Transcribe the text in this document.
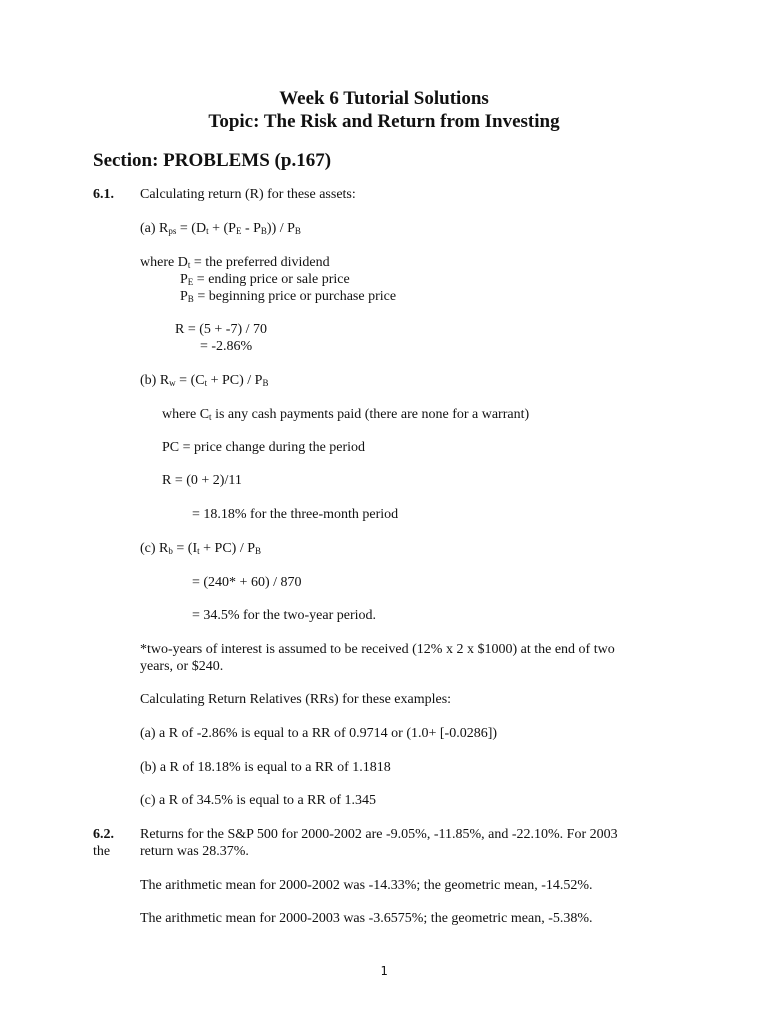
Week 6 Tutorial Solutions
Topic: The Risk and Return from Investing
Section: PROBLEMS (p.167)
6.1. Calculating return (R) for these assets:
(a) $R_{ps} = (D_t + (P_E - P_B)) / P_B$
where $D_t$ = the preferred dividend
$P_E$ = ending price or sale price
$P_B$ = beginning price or purchase price
R = (5 + -7) / 70
= -2.86%
(b) $R_w = (C_t + PC) / P_B$
where $C_t$ is any cash payments paid (there are none for a warrant)
PC = price change during the period
R = (0 + 2)/11
= 18.18% for the three-month period
(c) $R_b = (I_t + PC) / P_B$
= (240* + 60) / 870
= 34.5% for the two-year period.
*two-years of interest is assumed to be received (12% x 2 x $1000) at the end of two
years, or $240.
Calculating Return Relatives (RRs) for these examples:
(a) a R of -2.86% is equal to a RR of 0.9714 or (1.0+ [-0.0286])
(b) a R of 18.18% is equal to a RR of 1.1818
(c) a R of 34.5% is equal to a RR of 1.345
6.2.
the
Returns for the S&P 500 for 2000-2002 are -9.05%, -11.85%, and -22.10%. For 2003
return was 28.37%.
The arithmetic mean for 2000-2002 was -14.33%; the geometric mean, -14.52%.
The arithmetic mean for 2000-2003 was -3.6575%; the geometric mean, -5.38%.
1
